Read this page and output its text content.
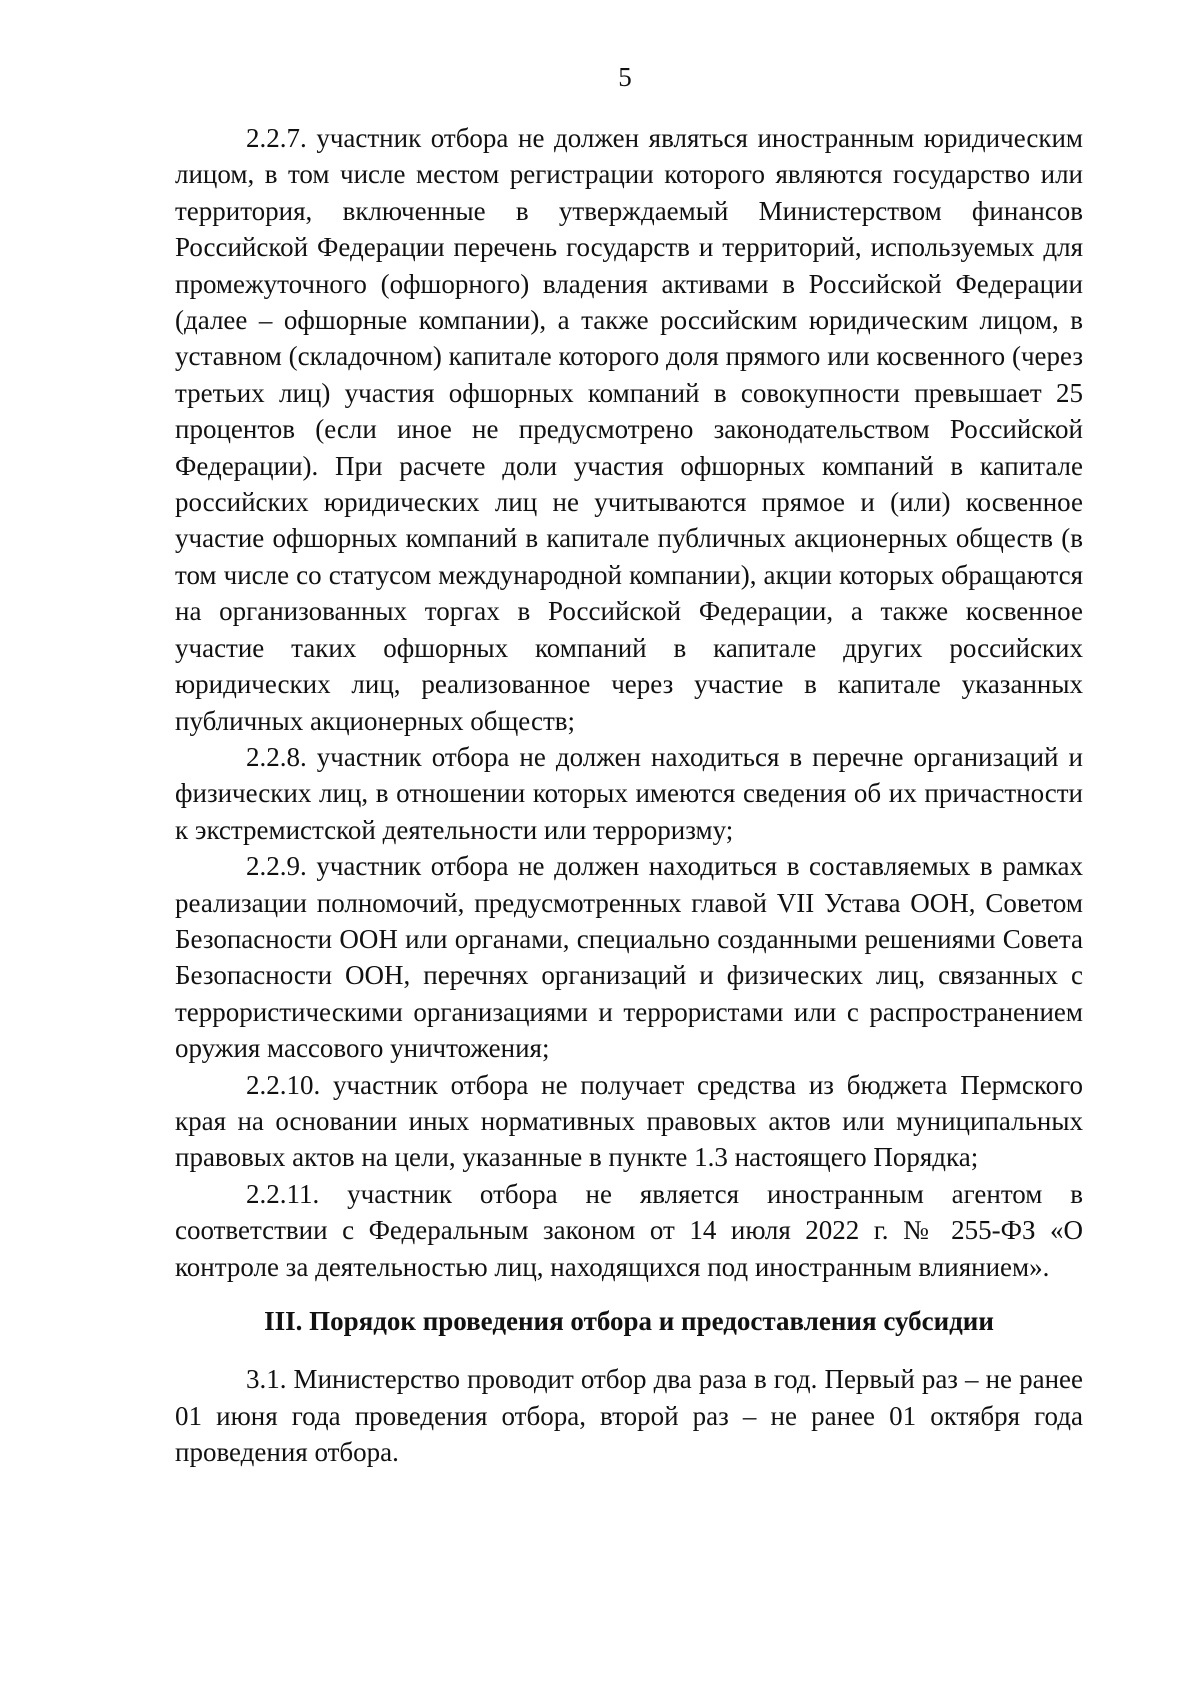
5

2.2.7. участник отбора не должен являться иностранным юридическим лицом, в том числе местом регистрации которого являются государство или территория, включенные в утверждаемый Министерством финансов Российской Федерации перечень государств и территорий, используемых для промежуточного (офшорного) владения активами в Российской Федерации (далее – офшорные компании), а также российским юридическим лицом, в уставном (складочном) капитале которого доля прямого или косвенного (через третьих лиц) участия офшорных компаний в совокупности превышает 25 процентов (если иное не предусмотрено законодательством Российской Федерации). При расчете доли участия офшорных компаний в капитале российских юридических лиц не учитываются прямое и (или) косвенное участие офшорных компаний в капитале публичных акционерных обществ (в том числе со статусом международной компании), акции которых обращаются на организованных торгах в Российской Федерации, а также косвенное участие таких офшорных компаний в капитале других российских юридических лиц, реализованное через участие в капитале указанных публичных акционерных обществ;

2.2.8. участник отбора не должен находиться в перечне организаций и физических лиц, в отношении которых имеются сведения об их причастности к экстремистской деятельности или терроризму;

2.2.9. участник отбора не должен находиться в составляемых в рамках реализации полномочий, предусмотренных главой VII Устава ООН, Советом Безопасности ООН или органами, специально созданными решениями Совета Безопасности ООН, перечнях организаций и физических лиц, связанных с террористическими организациями и террористами или с распространением оружия массового уничтожения;

2.2.10. участник отбора не получает средства из бюджета Пермского края на основании иных нормативных правовых актов или муниципальных правовых актов на цели, указанные в пункте 1.3 настоящего Порядка;

2.2.11. участник отбора не является иностранным агентом в соответствии с Федеральным законом от 14 июля 2022 г. № 255-ФЗ «О контроле за деятельностью лиц, находящихся под иностранным влиянием».

III. Порядок проведения отбора и предоставления субсидии

3.1. Министерство проводит отбор два раза в год. Первый раз – не ранее 01 июня года проведения отбора, второй раз – не ранее 01 октября года проведения отбора.
